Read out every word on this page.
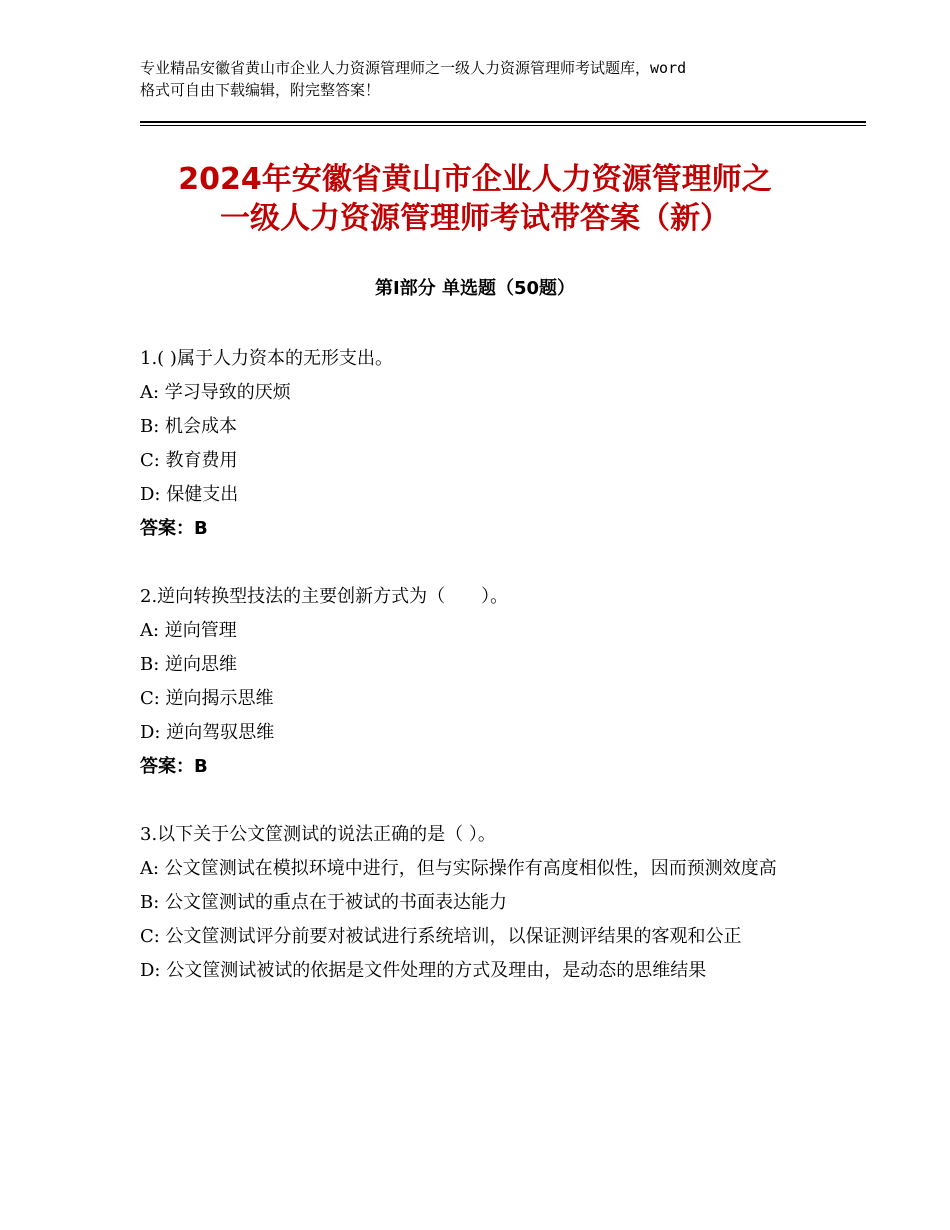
专业精品安徽省黄山市企业人力资源管理师之一级人力资源管理师考试题库，word
格式可自由下载编辑，附完整答案！
2024年安徽省黄山市企业人力资源管理师之
一级人力资源管理师考试带答案（新）
第Ⅰ部分 单选题（50题）
1.( )属于人力资本的无形支出。
A: 学习导致的厌烦
B: 机会成本
C: 教育费用
D: 保健支出
答案：B
2.逆向转换型技法的主要创新方式为（　　）。
A: 逆向管理
B: 逆向思维
C: 逆向揭示思维
D: 逆向驾驭思维
答案：B
3.以下关于公文筐测试的说法正确的是（ ）。
A: 公文筐测试在模拟环境中进行，但与实际操作有高度相似性，因而预测效度高
B: 公文筐测试的重点在于被试的书面表达能力
C: 公文筐测试评分前要对被试进行系统培训，以保证测评结果的客观和公正
D: 公文筐测试被试的依据是文件处理的方式及理由，是动态的思维结果
